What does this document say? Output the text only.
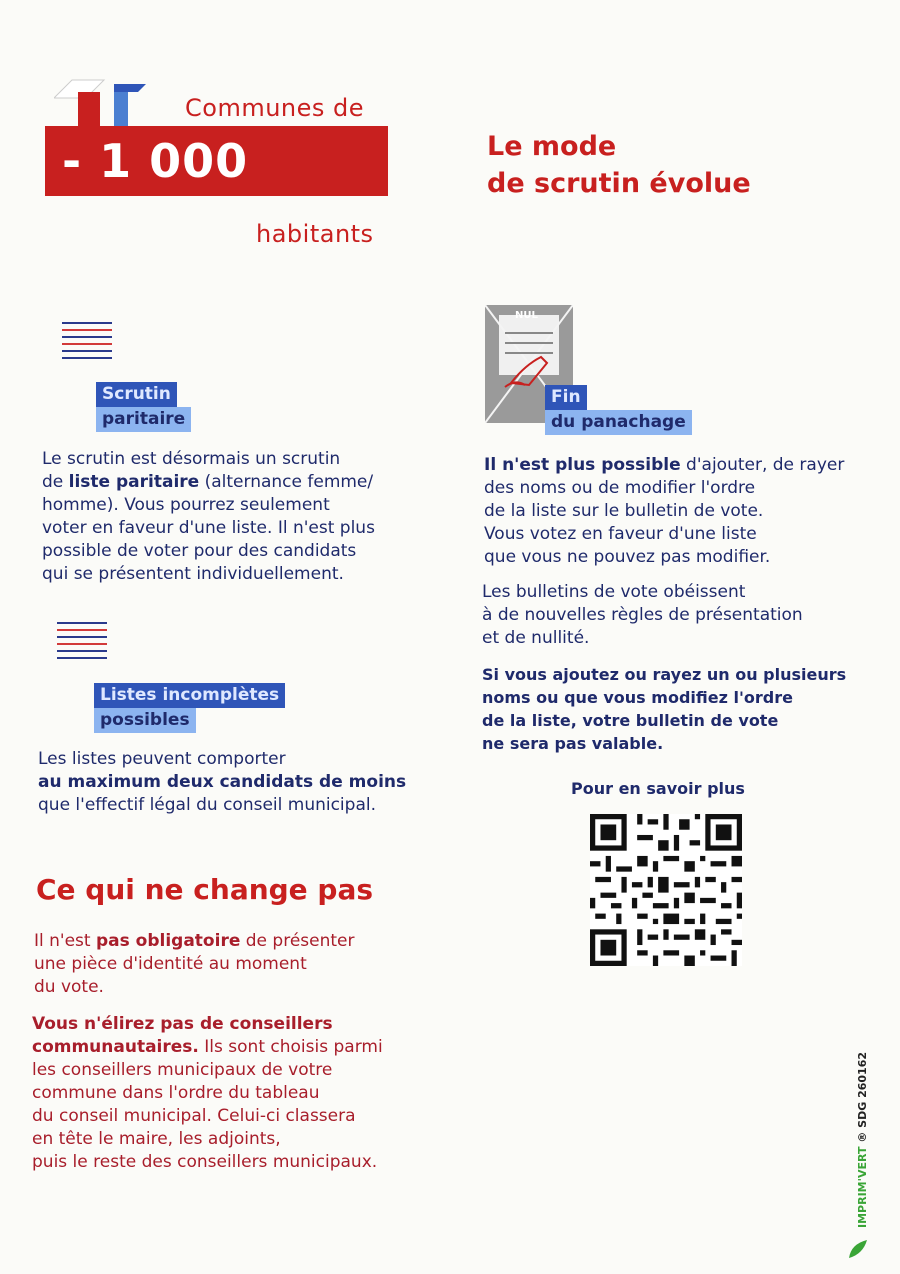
Communes de
- 1 000
habitants
Le mode
de scrutin évolue
Scrutin
paritaire
Le scrutin est désormais un scrutin
de liste paritaire (alternance femme/
homme). Vous pourrez seulement
voter en faveur d'une liste. Il n'est plus
possible de voter pour des candidats
qui se présentent individuellement.
Listes incomplètes
possibles
Les listes peuvent comporter
au maximum deux candidats de moins
que l'effectif légal du conseil municipal.
NUL
Fin
du panachage
Il n'est plus possible d'ajouter, de rayer
des noms ou de modifier l'ordre
de la liste sur le bulletin de vote.
Vous votez en faveur d'une liste
que vous ne pouvez pas modifier.
Les bulletins de vote obéissent
à de nouvelles règles de présentation
et de nullité.
Si vous ajoutez ou rayez un ou plusieurs
noms ou que vous modifiez l'ordre
de la liste, votre bulletin de vote
ne sera pas valable.
Pour en savoir plus
Ce qui ne change pas
Il n'est pas obligatoire de présenter
une pièce d'identité au moment
du vote.
Vous n'élirez pas de conseillers
communautaires. Ils sont choisis parmi
les conseillers municipaux de votre
commune dans l'ordre du tableau
du conseil municipal. Celui-ci classera
en tête le maire, les adjoints,
puis le reste des conseillers municipaux.	IMPRIM'VERT ® SDG 260162
